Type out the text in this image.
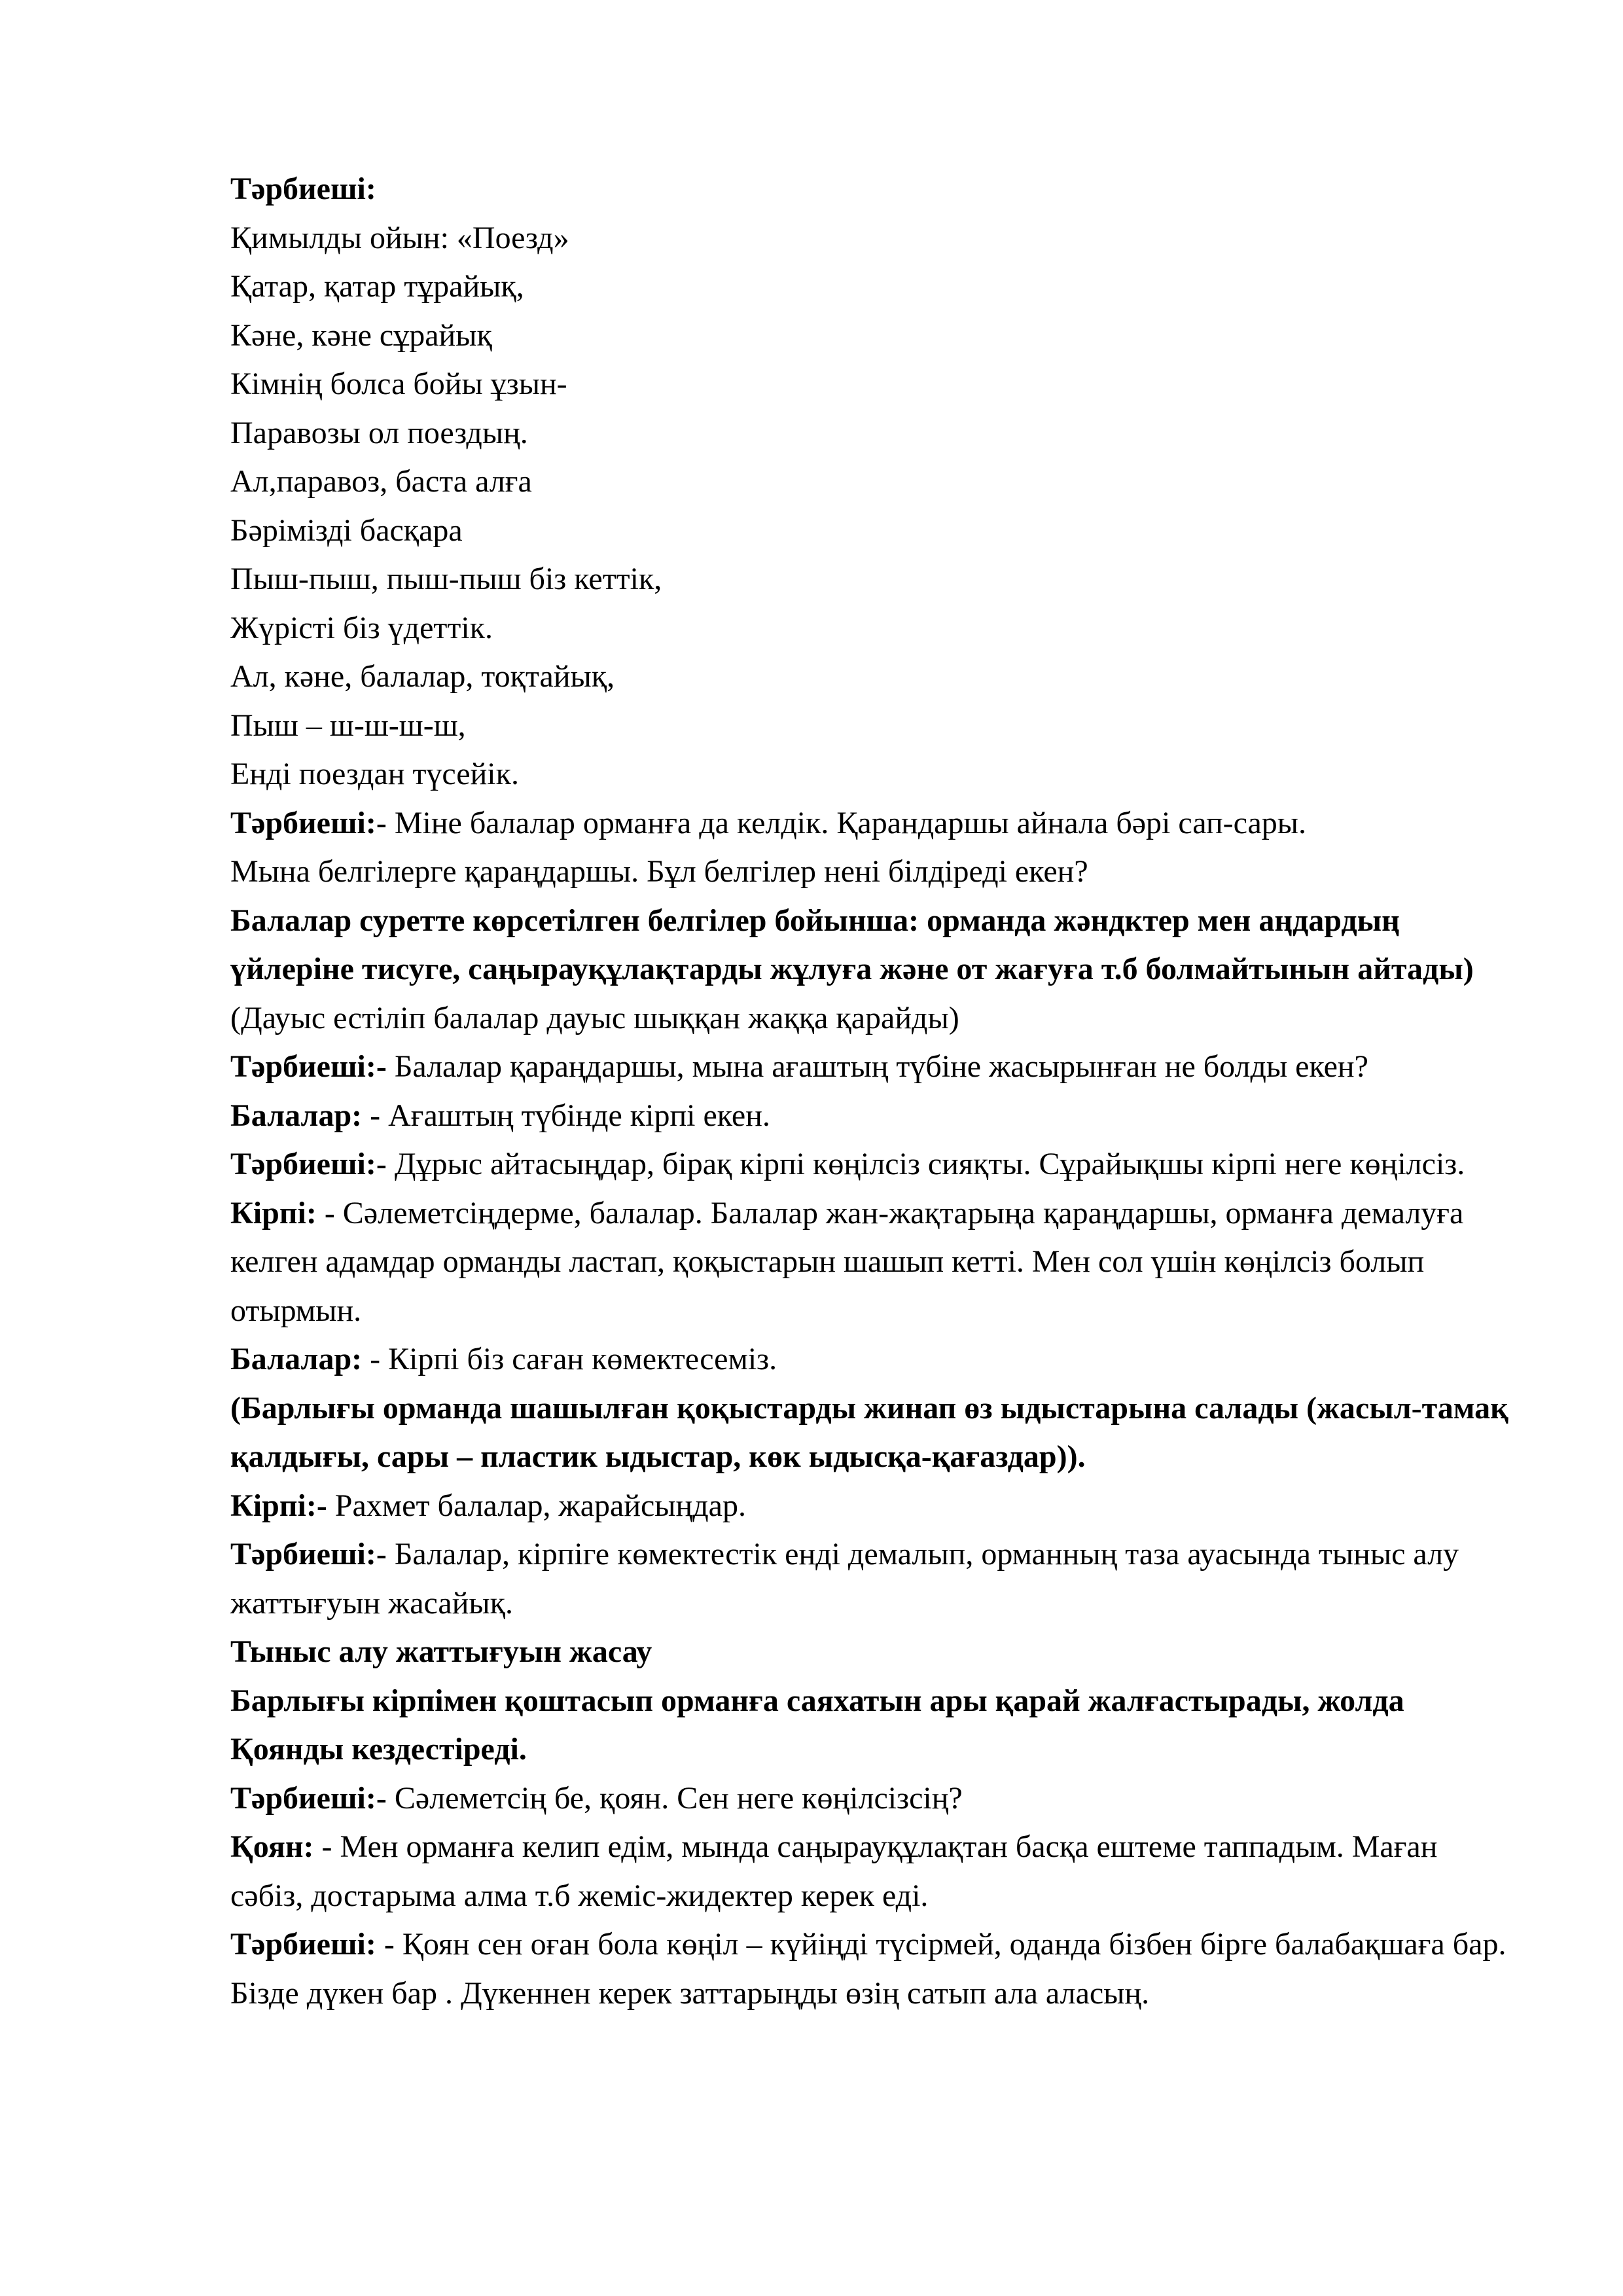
Тәрбиеші:
Қимылды ойын: «Поезд»
Қатар, қатар тұрайық,
Кәне, кәне сұрайық
Кімнің болса бойы ұзын-
Паравозы ол поездың.
Ал,паравоз, баста алға
Бәрімізді басқара
Пыш-пыш, пыш-пыш біз кеттік,
Жүрісті біз үдеттік.
Ал, кәне, балалар, тоқтайық,
Пыш – ш-ш-ш-ш,
Енді поездан түсейік.
Тәрбиеші:- Міне балалар орманға да келдік. Қарандаршы айнала бәрі сап-сары.
Мына белгілерге қараңдаршы. Бұл белгілер нені білдіреді екен?
Балалар суретте көрсетілген белгілер бойынша: орманда жәндктер мен аңдардың үйлеріне тисуге, саңырауқұлақтарды жұлуға және от жағуға т.б болмайтынын айтады)
(Дауыс естіліп балалар дауыс шыққан жаққа қарайды)
Тәрбиеші:- Балалар қараңдаршы, мына ағаштың түбіне жасырынған не болды екен?
Балалар: - Ағаштың түбінде кірпі екен.
Тәрбиеші:- Дұрыс айтасыңдар, бірақ кірпі көңілсіз сияқты. Сұрайықшы кірпі неге көңілсіз.
Кірпі: - Сәлеметсіңдерме, балалар. Балалар жан-жақтарыңа қараңдаршы, орманға демалуға келген адамдар орманды ластап, қоқыстарын шашып кетті. Мен сол үшін көңілсіз болып отырмын.
Балалар: - Кірпі біз саған көмектесеміз.
(Барлығы орманда шашылған қоқыстарды жинап өз ыдыстарына салады (жасыл-тамақ қалдығы, сары – пластик ыдыстар, көк ыдысқа-қағаздар)).
Кірпі:- Рахмет балалар, жарайсыңдар.
Тәрбиеші:- Балалар, кірпіге көмектестік енді демалып, орманның таза ауасында тыныс алу жаттығуын жасайық.
Тыныс алу жаттығуын жасау
Барлығы кірпімен қоштасып орманға саяхатын ары қарай жалғастырады, жолда Қоянды кездестіреді.
Тәрбиеші:- Сәлеметсің бе, қоян. Сен неге көңілсізсің?
Қоян: - Мен орманға келип едім, мында саңырауқұлақтан басқа ештеме таппадым. Маған сәбіз, достарыма алма т.б жеміс-жидектер керек еді.
Тәрбиеші: - Қоян сен оған бола көңіл – күйіңді түсірмей, оданда бізбен бірге балабақшаға бар. Бізде дүкен бар . Дүкеннен керек заттарыңды өзің сатып ала аласың.
